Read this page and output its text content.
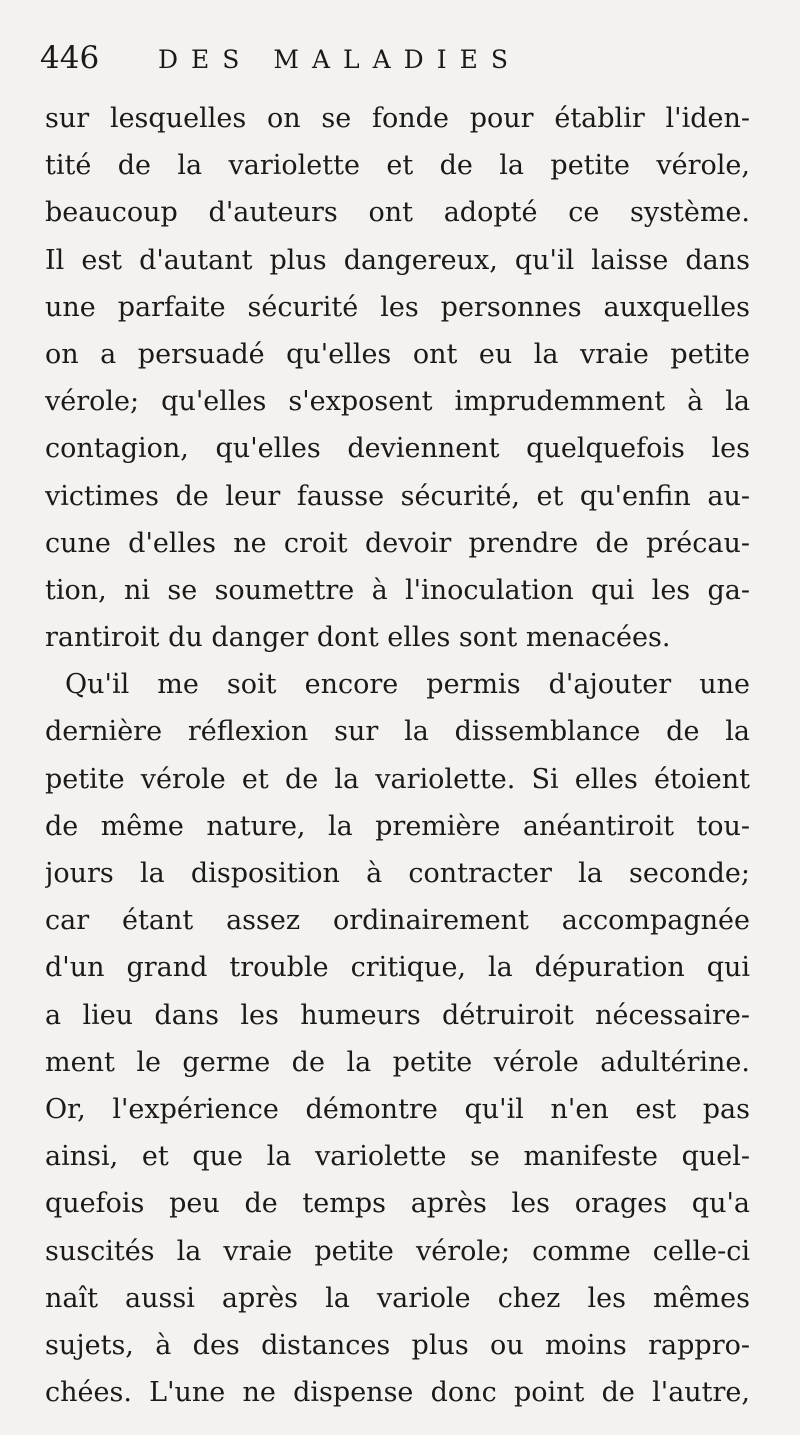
446	DES MALADIES
sur lesquelles on se fonde pour établir l'iden-
tité de la variolette et de la petite vérole,
beaucoup d'auteurs ont adopté ce système.
Il est d'autant plus dangereux, qu'il laisse dans
une parfaite sécurité les personnes auxquelles
on a persuadé qu'elles ont eu la vraie petite
vérole; qu'elles s'exposent imprudemment à la
contagion, qu'elles deviennent quelquefois les
victimes de leur fausse sécurité, et qu'enfin au-
cune d'elles ne croit devoir prendre de précau-
tion, ni se soumettre à l'inoculation qui les ga-
rantiroit du danger dont elles sont menacées.
Qu'il me soit encore permis d'ajouter une
dernière réflexion sur la dissemblance de la
petite vérole et de la variolette. Si elles étoient
de même nature, la première anéantiroit tou-
jours la disposition à contracter la seconde;
car étant assez ordinairement accompagnée
d'un grand trouble critique, la dépuration qui
a lieu dans les humeurs détruiroit nécessaire-
ment le germe de la petite vérole adultérine.
Or, l'expérience démontre qu'il n'en est pas
ainsi, et que la variolette se manifeste quel-
quefois peu de temps après les orages qu'a
suscités la vraie petite vérole; comme celle-ci
naît aussi après la variole chez les mêmes
sujets, à des distances plus ou moins rappro-
chées. L'une ne dispense donc point de l'autre,
